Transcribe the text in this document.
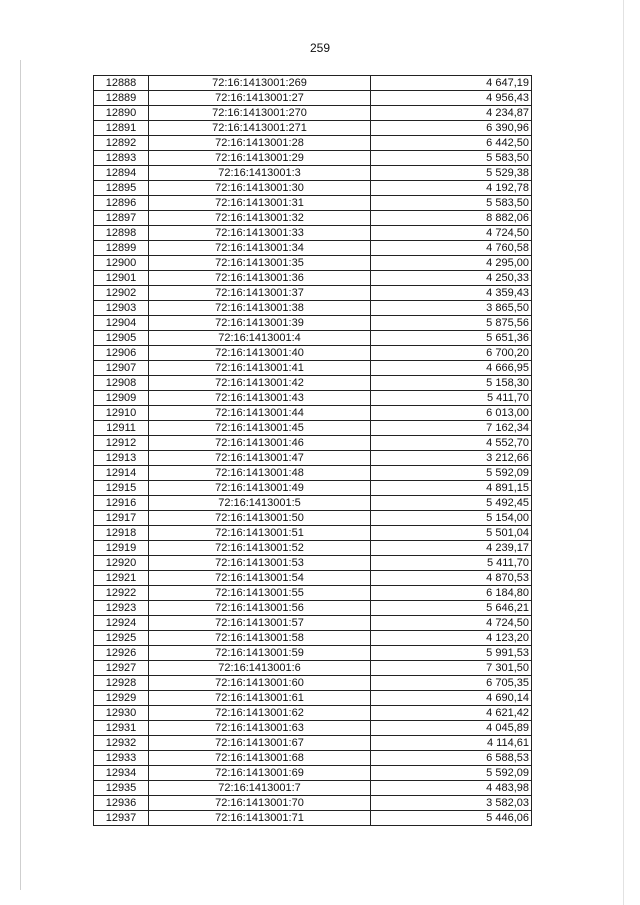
259
12888	72:16:1413001:269	4 647,19
12889	72:16:1413001:27	4 956,43
12890	72:16:1413001:270	4 234,87
12891	72:16:1413001:271	6 390,96
12892	72:16:1413001:28	6 442,50
12893	72:16:1413001:29	5 583,50
12894	72:16:1413001:3	5 529,38
12895	72:16:1413001:30	4 192,78
12896	72:16:1413001:31	5 583,50
12897	72:16:1413001:32	8 882,06
12898	72:16:1413001:33	4 724,50
12899	72:16:1413001:34	4 760,58
12900	72:16:1413001:35	4 295,00
12901	72:16:1413001:36	4 250,33
12902	72:16:1413001:37	4 359,43
12903	72:16:1413001:38	3 865,50
12904	72:16:1413001:39	5 875,56
12905	72:16:1413001:4	5 651,36
12906	72:16:1413001:40	6 700,20
12907	72:16:1413001:41	4 666,95
12908	72:16:1413001:42	5 158,30
12909	72:16:1413001:43	5 411,70
12910	72:16:1413001:44	6 013,00
12911	72:16:1413001:45	7 162,34
12912	72:16:1413001:46	4 552,70
12913	72:16:1413001:47	3 212,66
12914	72:16:1413001:48	5 592,09
12915	72:16:1413001:49	4 891,15
12916	72:16:1413001:5	5 492,45
12917	72:16:1413001:50	5 154,00
12918	72:16:1413001:51	5 501,04
12919	72:16:1413001:52	4 239,17
12920	72:16:1413001:53	5 411,70
12921	72:16:1413001:54	4 870,53
12922	72:16:1413001:55	6 184,80
12923	72:16:1413001:56	5 646,21
12924	72:16:1413001:57	4 724,50
12925	72:16:1413001:58	4 123,20
12926	72:16:1413001:59	5 991,53
12927	72:16:1413001:6	7 301,50
12928	72:16:1413001:60	6 705,35
12929	72:16:1413001:61	4 690,14
12930	72:16:1413001:62	4 621,42
12931	72:16:1413001:63	4 045,89
12932	72:16:1413001:67	4 114,61
12933	72:16:1413001:68	6 588,53
12934	72:16:1413001:69	5 592,09
12935	72:16:1413001:7	4 483,98
12936	72:16:1413001:70	3 582,03
12937	72:16:1413001:71	5 446,06
